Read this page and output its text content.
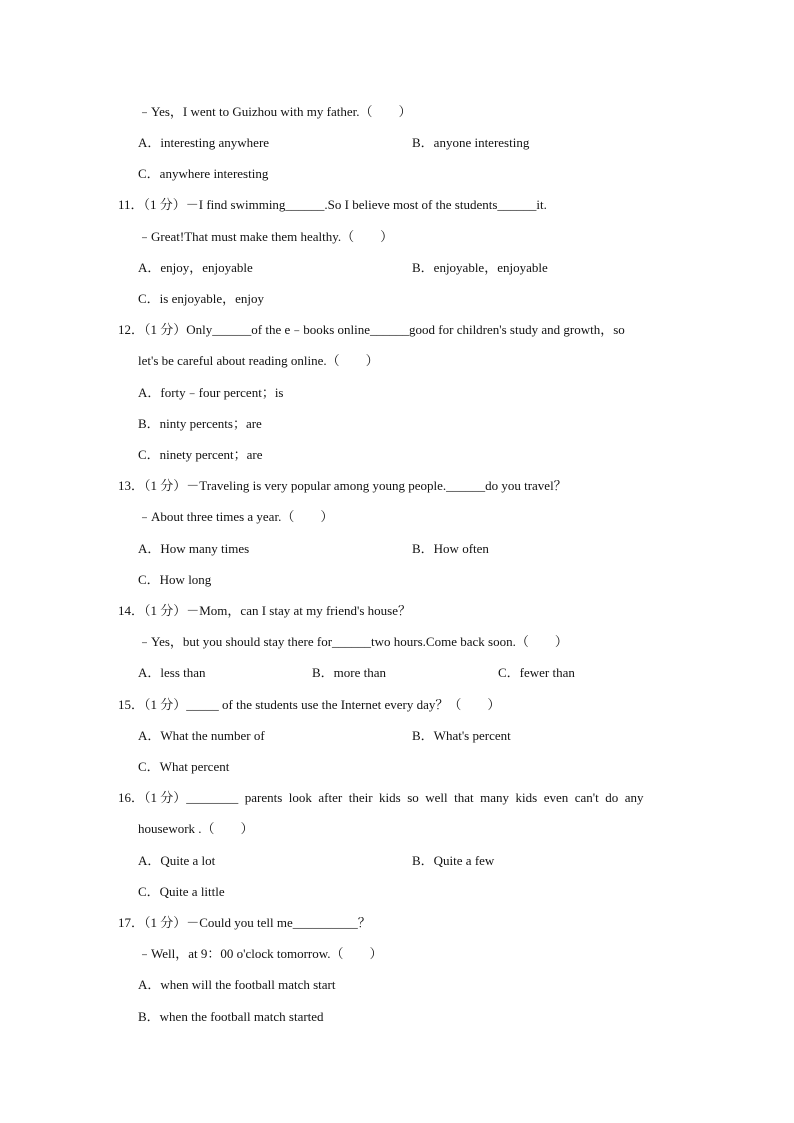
﹣Yes，I went to Guizhou with my father.（　　）
A．interesting anywhere	B．anyone interesting
C．anywhere interesting
11．（1 分）－I find swimming______.So I believe most of the students______it.
﹣Great!That must make them healthy.（　　）
A．enjoy，enjoyable	B．enjoyable，enjoyable
C．is enjoyable，enjoy
12．（1 分）Only______of the e﹣books online______good for children's study and growth，so
let's be careful about reading online.（　　）
A．forty﹣four percent；is
B．ninty percents；are
C．ninety percent；are
13．（1 分）－Traveling is very popular among young people.______do you travel？
﹣About three times a year.（　　）
A．How many times	B．How often
C．How long
14．（1 分）－Mom，can I stay at my friend's house？
﹣Yes，but you should stay there for______two hours.Come back soon.（　　）
A．less than	B．more than	C．fewer than
15．（1 分）_____ of the students use the Internet every day？（　　）
A．What the number of	B．What's percent
C．What percent
16．（1 分）________  parents  look  after  their  kids  so  well  that  many  kids  even  can't  do  any
housework .（　　）
A．Quite a lot	B．Quite a few
C．Quite a little
17．（1 分）－Could you tell me__________？
﹣Well，at 9：00 o'clock tomorrow.（　　）
A．when will the football match start
B．when the football match started
